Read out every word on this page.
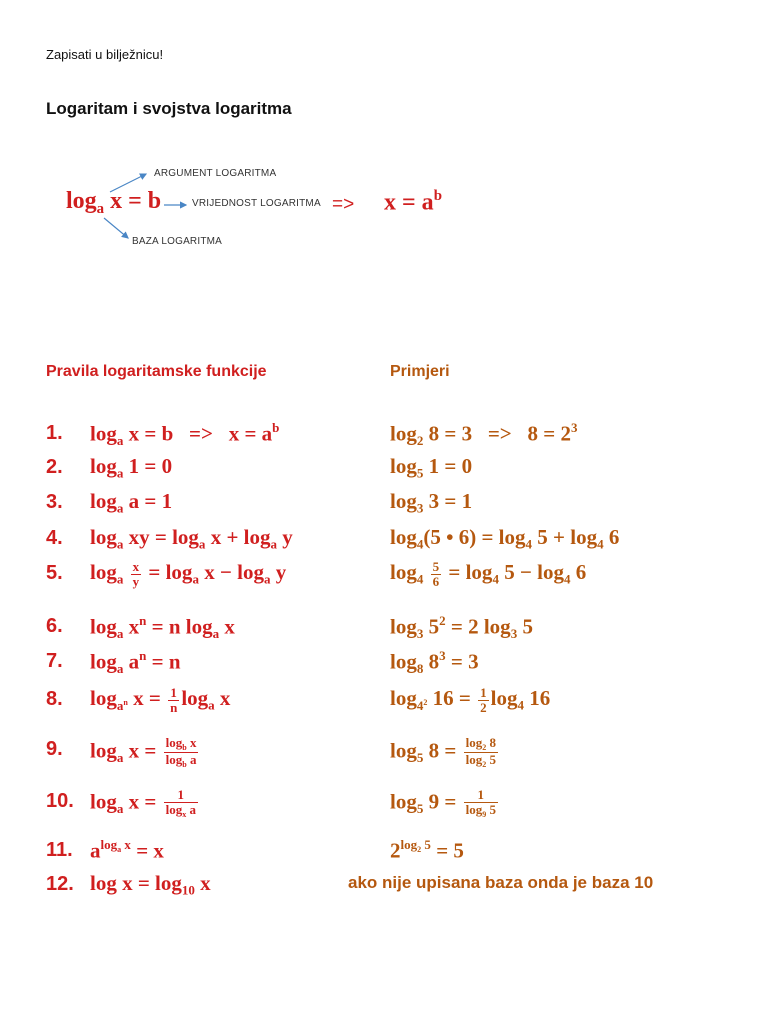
Zapisati u bilježnicu!
Logaritam i svojstva logaritma
$\log_a x = b$
ARGUMENT LOGARITMA
VRIJEDNOST LOGARITMA
BAZA LOGARITMA
=> $x = a^b$
Pravila logaritamske funkcije	Primjeri
1.	$\log_a x = b => x = a^b$	$\log_2 8 = 3 => 8 = 2^3$
2.	$\log_a 1 = 0$	$\log_5 1 = 0$
3.	$\log_a a = 1$	$\log_3 3 = 1$
4.	$\log_a$ xy = $\log_a x + \log_a y$	$\log_4(5$ • $6) = \log_4 5 + \log_4 6$
5.	$\log_a \frac{x}{y} = \log_a x - \log_a y$	$\log_4 \frac{5}{6} = \log_4 5 - \log_4 6$
6.	$\log_a x^n = n$ $\log_a x$	$\log_3 5^2 = 2$ $\log_3 5$
7.	$\log_a a^n = n$	$\log_8 8^3 = 3$
8.	$\log_{a^n} x = \frac{1}{n} \log_a x$	$\log_{4^2} 16 = \frac{1}{2} \log_4 16$
9.	$\log_a x = \frac{\log_b x}{\log_b a}$	$\log_5 8 = \frac{\log_2 8}{\log_2 5}$
10. $\log_a x = \frac{1}{\log_x a}$	$\log_5 9 = \frac{1}{\log_9 5}$
11. $a^{log_a x} = x$	$2^{log_2 5} = 5$
12. $\log x = \log_{10} x$	ako nije upisana baza onda je baza 10
